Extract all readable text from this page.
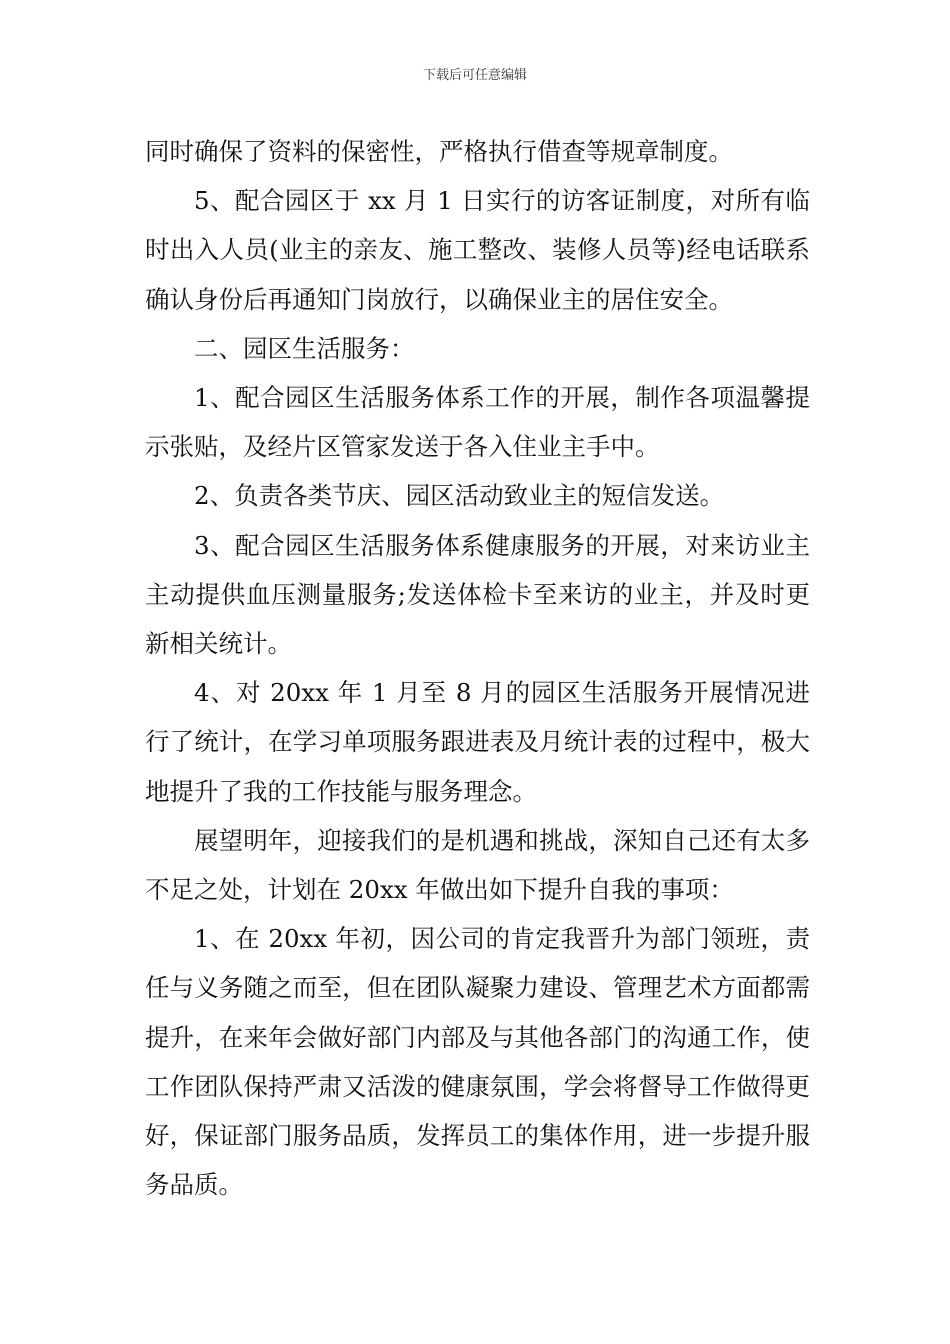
下载后可任意编辑

同时确保了资料的保密性，严格执行借查等规章制度。

5、配合园区于 xx 月 1 日实行的访客证制度，对所有临时出入人员(业主的亲友、施工整改、装修人员等)经电话联系确认身份后再通知门岗放行，以确保业主的居住安全。

二、园区生活服务：

1、配合园区生活服务体系工作的开展，制作各项温馨提示张贴，及经片区管家发送于各入住业主手中。

2、负责各类节庆、园区活动致业主的短信发送。

3、配合园区生活服务体系健康服务的开展，对来访业主主动提供血压测量服务;发送体检卡至来访的业主，并及时更新相关统计。

4、对 20xx 年 1 月至 8 月的园区生活服务开展情况进行了统计，在学习单项服务跟进表及月统计表的过程中，极大地提升了我的工作技能与服务理念。

展望明年，迎接我们的是机遇和挑战，深知自己还有太多不足之处，计划在 20xx 年做出如下提升自我的事项：

1、在 20xx 年初，因公司的肯定我晋升为部门领班，责任与义务随之而至，但在团队凝聚力建设、管理艺术方面都需提升，在来年会做好部门内部及与其他各部门的沟通工作，使工作团队保持严肃又活泼的健康氛围，学会将督导工作做得更好，保证部门服务品质，发挥员工的集体作用，进一步提升服务品质。
